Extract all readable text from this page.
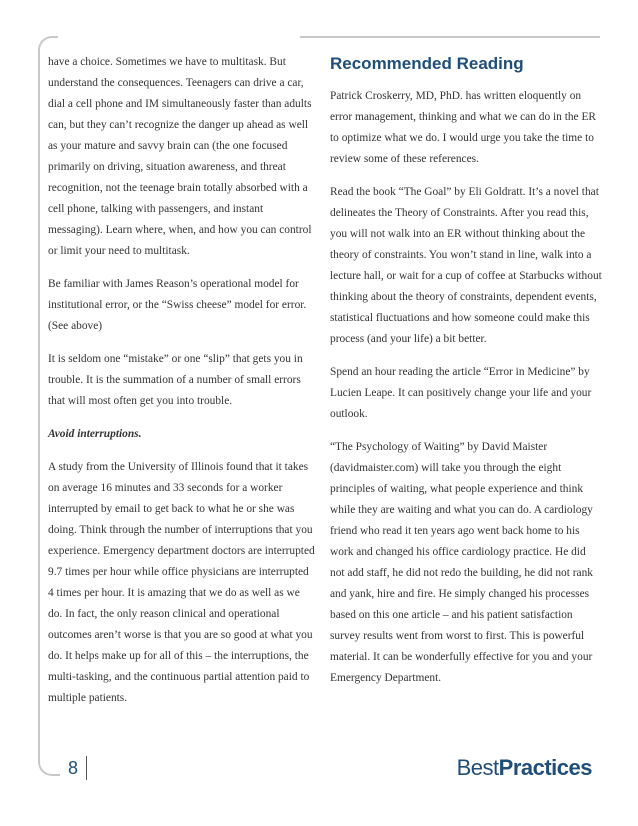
have a choice. Sometimes we have to multitask. But understand the consequences. Teenagers can drive a car, dial a cell phone and IM simultaneously faster than adults can, but they can’t recognize the danger up ahead as well as your mature and savvy brain can (the one focused primarily on driving, situation awareness, and threat recognition, not the teenage brain totally absorbed with a cell phone, talking with passengers, and instant messaging). Learn where, when, and how you can control or limit your need to multitask.

Be familiar with James Reason’s operational model for institutional error, or the “Swiss cheese” model for error. (See above)

It is seldom one “mistake” or one “slip” that gets you in trouble. It is the summation of a number of small errors that will most often get you into trouble.

Avoid interruptions.

A study from the University of Illinois found that it takes on average 16 minutes and 33 seconds for a worker interrupted by email to get back to what he or she was doing. Think through the number of interruptions that you experience. Emergency department doctors are interrupted 9.7 times per hour while office physicians are interrupted 4 times per hour. It is amazing that we do as well as we do. In fact, the only reason clinical and operational outcomes aren’t worse is that you are so good at what you do. It helps make up for all of this – the interruptions, the multi-tasking, and the continuous partial attention paid to multiple patients.

Recommended Reading

Patrick Croskerry, MD, PhD. has written eloquently on error management, thinking and what we can do in the ER to optimize what we do. I would urge you take the time to review some of these references.

Read the book “The Goal” by Eli Goldratt. It’s a novel that delineates the Theory of Constraints. After you read this, you will not walk into an ER without thinking about the theory of constraints. You won’t stand in line, walk into a lecture hall, or wait for a cup of coffee at Starbucks without thinking about the theory of constraints, dependent events, statistical fluctuations and how someone could make this process (and your life) a bit better.

Spend an hour reading the article “Error in Medicine” by Lucien Leape. It can positively change your life and your outlook.

“The Psychology of Waiting” by David Maister (davidmaister.com) will take you through the eight principles of waiting, what people experience and think while they are waiting and what you can do. A cardiology friend who read it ten years ago went back home to his work and changed his office cardiology practice. He did not add staff, he did not redo the building, he did not rank and yank, hire and fire. He simply changed his processes based on this one article – and his patient satisfaction survey results went from worst to first. This is powerful material. It can be wonderfully effective for you and your Emergency Department.

8	BestPractices
